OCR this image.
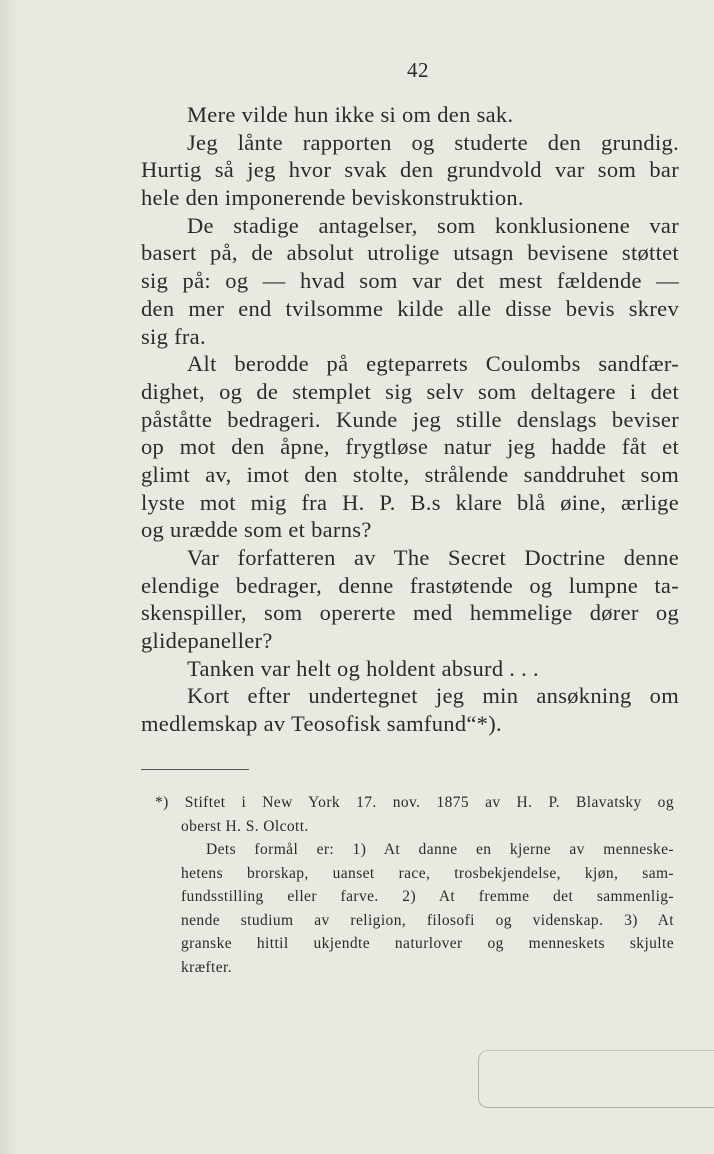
42
Mere vilde hun ikke si om den sak.
Jeg lånte rapporten og studerte den grundig.
Hurtig så jeg hvor svak den grundvold var som bar
hele den imponerende beviskonstruktion.
De stadige antagelser, som konklusionene var
basert på, de absolut utrolige utsagn bevisene støttet
sig på: og — hvad som var det mest fældende —
den mer end tvilsomme kilde alle disse bevis skrev
sig fra.
Alt berodde på egteparrets Coulombs sandfær-
dighet, og de stemplet sig selv som deltagere i det
påståtte bedrageri. Kunde jeg stille denslags beviser
op mot den åpne, frygtløse natur jeg hadde fåt et
glimt av, imot den stolte, strålende sanddruhet som
lyste mot mig fra H. P. B.s klare blå øine, ærlige
og urædde som et barns?
Var forfatteren av The Secret Doctrine denne
elendige bedrager, denne frastøtende og lumpne ta-
skenspiller, som opererte med hemmelige dører og
glidepaneller?
Tanken var helt og holdent absurd . . .
Kort efter undertegnet jeg min ansøkning om
medlemskap av Teosofisk samfund“*).
*) Stiftet i New York 17. nov. 1875 av H. P. Blavatsky og
oberst H. S. Olcott.
Dets formål er: 1) At danne en kjerne av menneske-
hetens brorskap, uanset race, trosbekjendelse, kjøn, sam-
fundsstilling eller farve. 2) At fremme det sammenlig-
nende studium av religion, filosofi og videnskap. 3) At
granske hittil ukjendte naturlover og menneskets skjulte
kræfter.
